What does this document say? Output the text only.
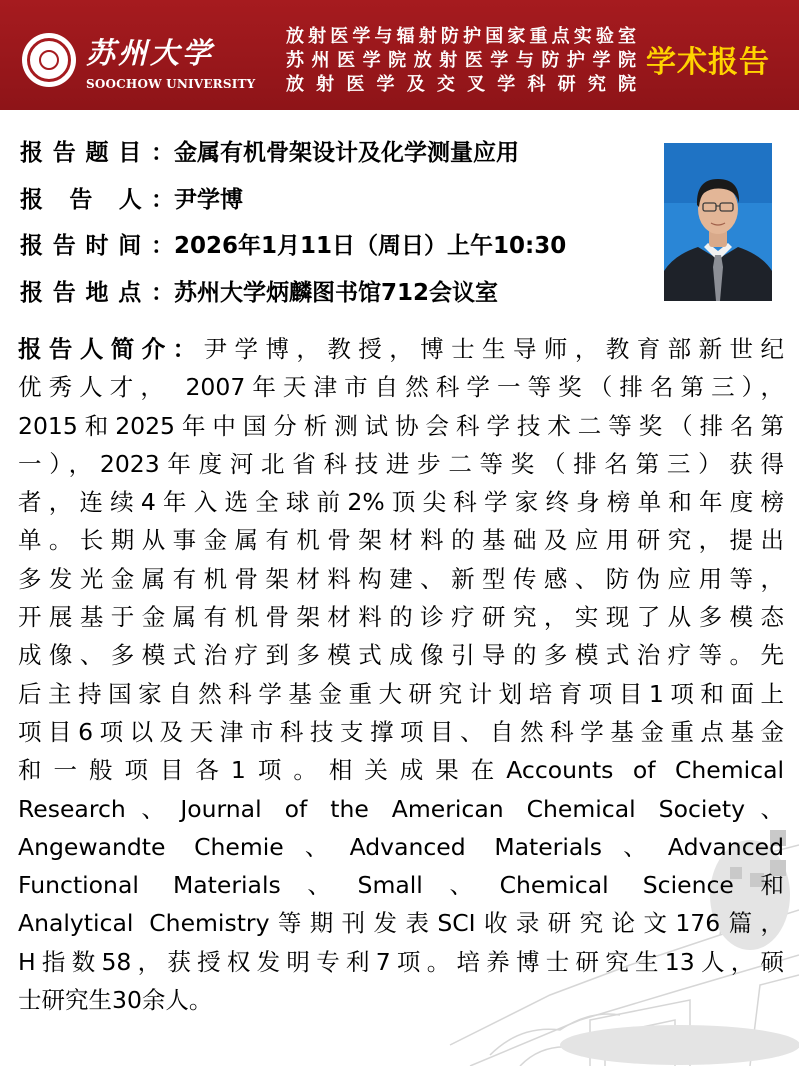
苏州大学
SOOCHOW UNIVERSITY
放射医学与辐射防护国家重点实验室
苏州医学院放射医学与防护学院
放射医学及交叉学科研究院
学术报告
报告题目： 金属有机骨架设计及化学测量应用
报 告 人： 尹学博
报告时间： 2026年1月11日（周日）上午10:30
报告地点： 苏州大学炳麟图书馆712会议室
报告人简介：尹学博，教授，博士生导师，教育部新世纪
优秀人才， 2007年天津市自然科学一等奖（排名第三），
2015和2025年中国分析测试协会科学技术二等奖（排名第
一），2023年度河北省科技进步二等奖（排名第三）获得
者，连续4年入选全球前2%顶尖科学家终身榜单和年度榜
单。长期从事金属有机骨架材料的基础及应用研究，提出
多发光金属有机骨架材料构建、新型传感、防伪应用等，
开展基于金属有机骨架材料的诊疗研究，实现了从多模态
成像、多模式治疗到多模式成像引导的多模式治疗等。先
后主持国家自然科学基金重大研究计划培育项目1项和面上
项目6项以及天津市科技支撑项目、自然科学基金重点基金
和一般项目各1项。相关成果在Accounts of Chemical
Research、Journal of the American Chemical Society、
Angewandte Chemie、Advanced Materials、Advanced
Functional Materials、Small、Chemical Science和
Analytical Chemistry等期刊发表SCI收录研究论文176篇，
H指数58，获授权发明专利7项。培养博士研究生13人，硕
士研究生30余人。
